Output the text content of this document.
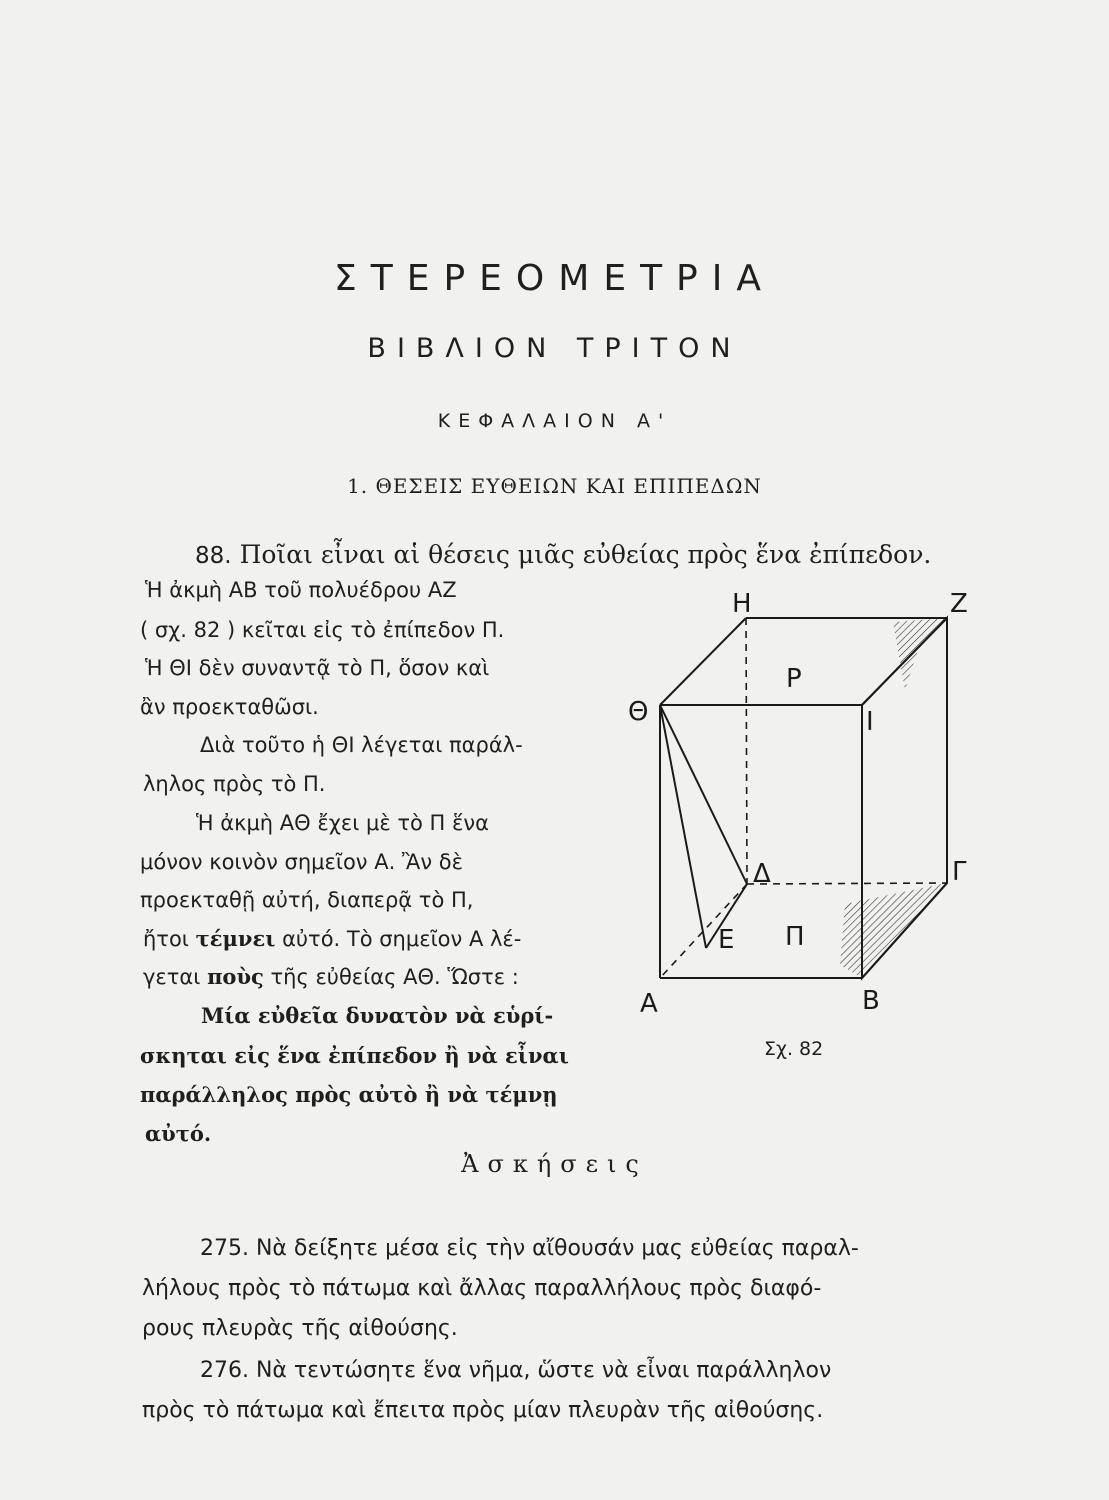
ΣΤΕΡΕΟΜΕΤΡΙΑ
ΒΙΒΛΙΟΝ ΤΡΙΤΟΝ
ΚΕΦΑΛΑΙΟΝ Α'
1. ΘΕΣΕΙΣ ΕΥΘΕΙΩΝ ΚΑΙ ΕΠΙΠΕΔΩΝ
88. Ποῖαι εἶναι αἱ θέσεις μιᾶς εὐθείας πρὸς ἕνα ἐπίπεδον.
Ἡ ἀκμὴ ΑΒ τοῦ πολυέδρου ΑΖ
( σχ. 82 ) κεῖται εἰς τὸ ἐπίπεδον Π.
Ἡ ΘΙ δὲν συναντᾷ τὸ Π, ὅσον καὶ
ἂν προεκταθῶσι.
Διὰ τοῦτο ἡ ΘΙ λέγεται παράλ-
ληλος πρὸς τὸ Π.
Ἡ ἀκμὴ ΑΘ ἔχει μὲ τὸ Π ἕνα
μόνον κοινὸν σημεῖον Α. Ἂν δὲ
προεκταθῇ αὐτή, διαπερᾷ τὸ Π,
ἤτοι τέμνει αὐτό. Τὸ σημεῖον Α λέ-
γεται ποὺς τῆς εὐθείας ΑΘ. Ὥστε :
Μία εὐθεῖα δυνατὸν νὰ εὑρί-
σκηται εἰς ἕνα ἐπίπεδον ἢ νὰ εἶναι
παράλληλος πρὸς αὐτὸ ἢ νὰ τέμνῃ
αὐτό.
Η	Ζ
Ρ
Θ	Ι
Δ	Γ
Ε Π
Α	Β
Σχ. 82
Ἀσκήσεις
275. Νὰ δείξητε μέσα εἰς τὴν αἴθουσάν μας εὐθείας παραλ-
λήλους πρὸς τὸ πάτωμα καὶ ἄλλας παραλλήλους πρὸς διαφό-
ρους πλευρὰς τῆς αἰθούσης.
276. Νὰ τεντώσητε ἕνα νῆμα, ὥστε νὰ εἶναι παράλληλον
πρὸς τὸ πάτωμα καὶ ἔπειτα πρὸς μίαν πλευρὰν τῆς αἰθούσης.
